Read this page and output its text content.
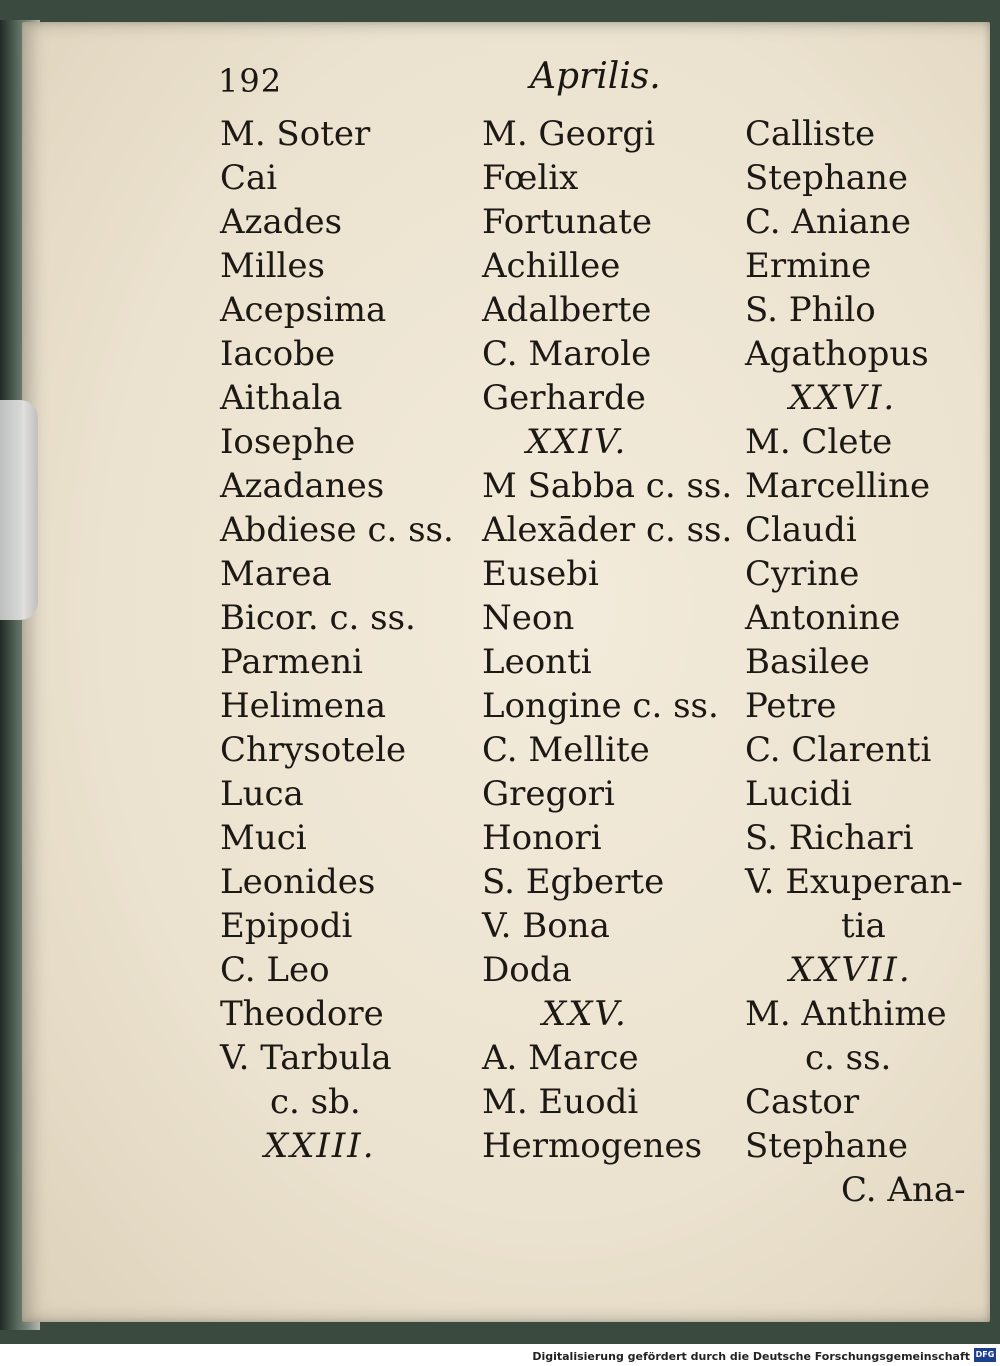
192	Aprilis.
M. Soter
Cai
Azades
Milles
Acepsima
Iacobe
Aithala
Iosephe
Azadanes
Abdiese c. ss.
Marea
Bicor. c. ss.
Parmeni
Helimena
Chrysotele
Luca
Muci
Leonides
Epipodi
C. Leo
Theodore
V. Tarbula
c. sb.
XXIII.
M. Georgi
Fœlix
Fortunate
Achillee
Adalberte
C. Marole
Gerharde
XXIV.
M Sabba c. ss.
Alexāder c. ss.
Eusebi
Neon
Leonti
Longine c. ss.
C. Mellite
Gregori
Honori
S. Egberte
V. Bona
Doda
XXV.
A. Marce
M. Euodi
Hermogenes
Calliste
Stephane
C. Aniane
Ermine
S. Philo
Agathopus
XXVI.
M. Clete
Marcelline
Claudi
Cyrine
Antonine
Basilee
Petre
C. Clarenti
Lucidi
S. Richari
V. Exuperan-
tia
XXVII.
M. Anthime
c. ss.
Castor
Stephane
C. Ana-
Digitalisierung gefördert durch die Deutsche Forschungsgemeinschaft DFG
